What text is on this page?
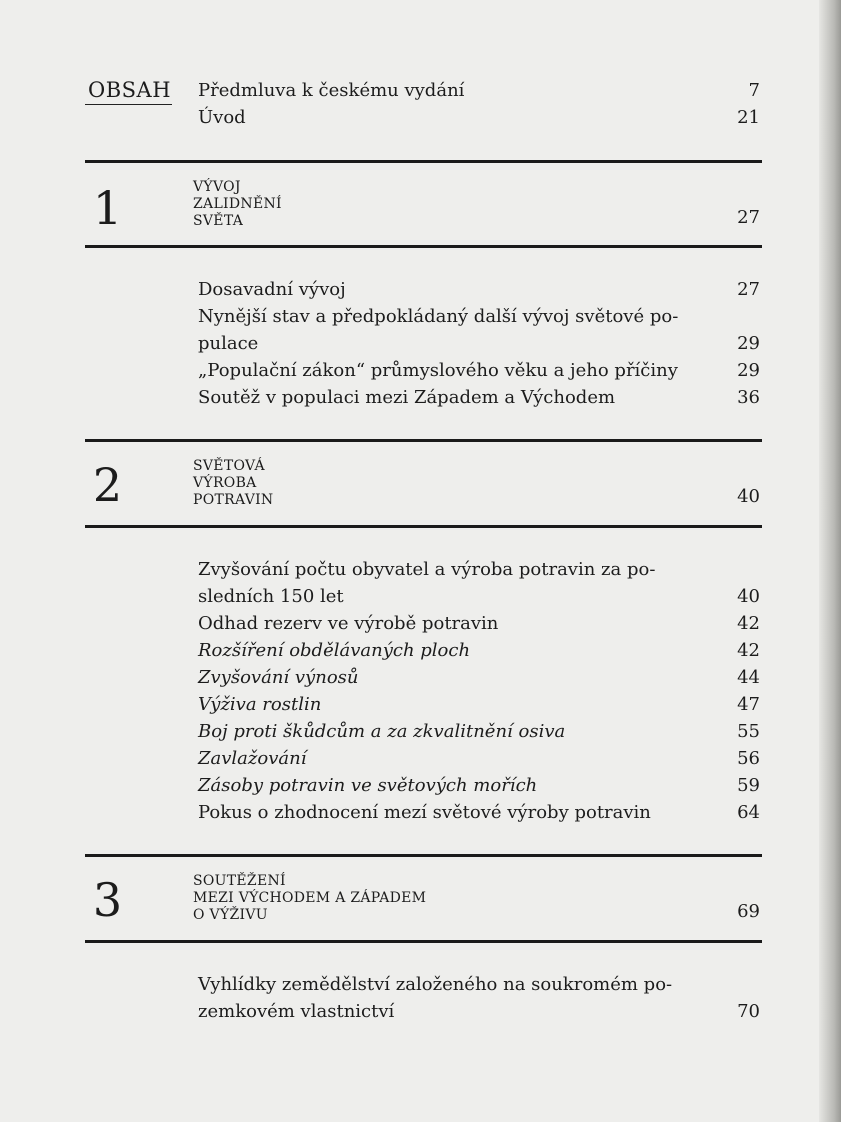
OBSAH Předmluva k českému vydání	7
Úvod	21
1	VÝVOJ
ZALIDNĚNÍ
SVĚTA	27
Dosavadní vývoj	27
Nynější stav a předpokládaný další vývoj světové po-
pulace	29
„Populační zákon“ průmyslového věku a jeho příčiny	29
Soutěž v populaci mezi Západem a Východem	36
2	SVĚTOVÁ
VÝROBA
POTRAVIN	40
Zvyšování počtu obyvatel a výroba potravin za po-
sledních 150 let	40
Odhad rezerv ve výrobě potravin	42
Rozšíření obdělávaných ploch	42
Zvyšování výnosů	44
Výživa rostlin	47
Boj proti škůdcům a za zkvalitnění osiva	55
Zavlažování	56
Zásoby potravin ve světových mořích	59
Pokus o zhodnocení mezí světové výroby potravin	64
3	SOUTĚŽENÍ
MEZI VÝCHODEM A ZÁPADEM
O VÝŽIVU	69
Vyhlídky zemědělství založeného na soukromém po-
zemkovém vlastnictví	70
